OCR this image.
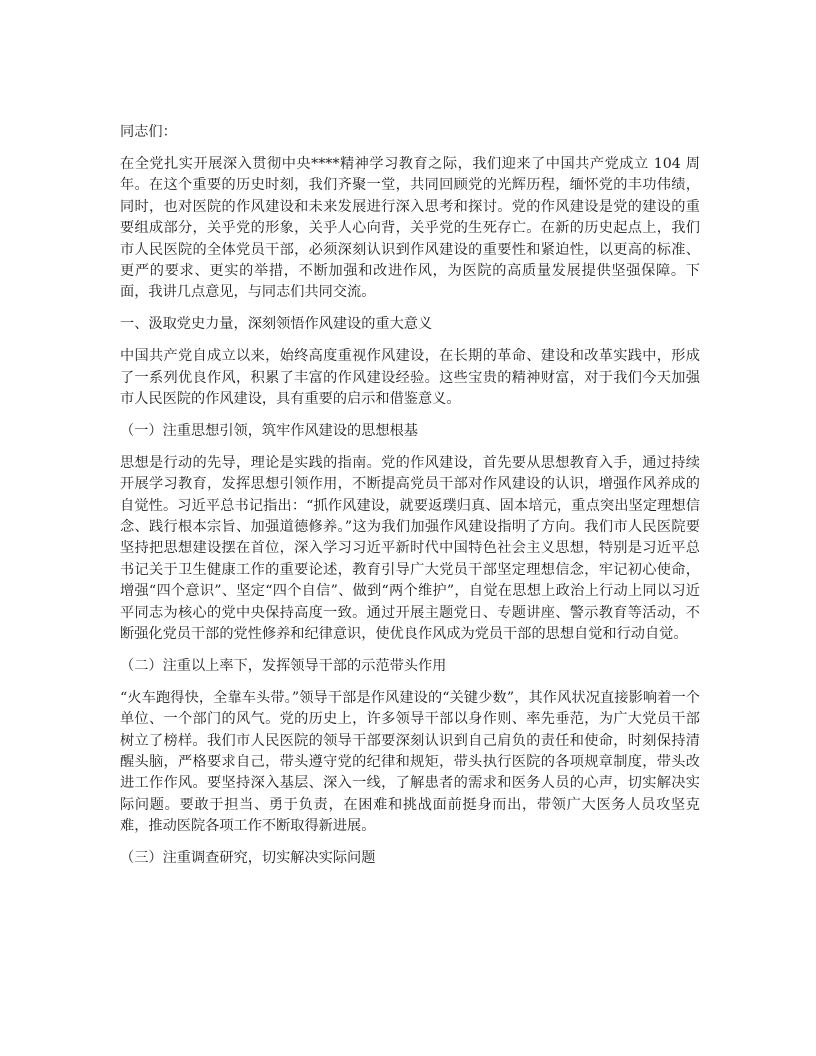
同志们：

在全党扎实开展深入贯彻中央****精神学习教育之际，我们迎来了中国共产党成立 104 周年。在这个重要的历史时刻，我们齐聚一堂，共同回顾党的光辉历程，缅怀党的丰功伟绩，同时，也对医院的作风建设和未来发展进行深入思考和探讨。党的作风建设是党的建设的重要组成部分，关乎党的形象，关乎人心向背，关乎党的生死存亡。在新的历史起点上，我们市人民医院的全体党员干部，必须深刻认识到作风建设的重要性和紧迫性，以更高的标准、更严的要求、更实的举措，不断加强和改进作风，为医院的高质量发展提供坚强保障。下面，我讲几点意见，与同志们共同交流。

一、汲取党史力量，深刻领悟作风建设的重大意义

中国共产党自成立以来，始终高度重视作风建设，在长期的革命、建设和改革实践中，形成了一系列优良作风，积累了丰富的作风建设经验。这些宝贵的精神财富，对于我们今天加强市人民医院的作风建设，具有重要的启示和借鉴意义。

（一）注重思想引领，筑牢作风建设的思想根基

思想是行动的先导，理论是实践的指南。党的作风建设，首先要从思想教育入手，通过持续开展学习教育，发挥思想引领作用，不断提高党员干部对作风建设的认识，增强作风养成的自觉性。习近平总书记指出：“抓作风建设，就要返璞归真、固本培元，重点突出坚定理想信念、践行根本宗旨、加强道德修养。”这为我们加强作风建设指明了方向。我们市人民医院要坚持把思想建设摆在首位，深入学习习近平新时代中国特色社会主义思想，特别是习近平总书记关于卫生健康工作的重要论述，教育引导广大党员干部坚定理想信念，牢记初心使命，增强“四个意识”、坚定“四个自信”、做到“两个维护”，自觉在思想上政治上行动上同以习近平同志为核心的党中央保持高度一致。通过开展主题党日、专题讲座、警示教育等活动，不断强化党员干部的党性修养和纪律意识，使优良作风成为党员干部的思想自觉和行动自觉。

（二）注重以上率下，发挥领导干部的示范带头作用

“火车跑得快，全靠车头带。”领导干部是作风建设的“关键少数”，其作风状况直接影响着一个单位、一个部门的风气。党的历史上，许多领导干部以身作则、率先垂范，为广大党员干部树立了榜样。我们市人民医院的领导干部要深刻认识到自己肩负的责任和使命，时刻保持清醒头脑，严格要求自己，带头遵守党的纪律和规矩，带头执行医院的各项规章制度，带头改进工作作风。要坚持深入基层、深入一线，了解患者的需求和医务人员的心声，切实解决实际问题。要敢于担当、勇于负责，在困难和挑战面前挺身而出，带领广大医务人员攻坚克难，推动医院各项工作不断取得新进展。

（三）注重调查研究，切实解决实际问题
